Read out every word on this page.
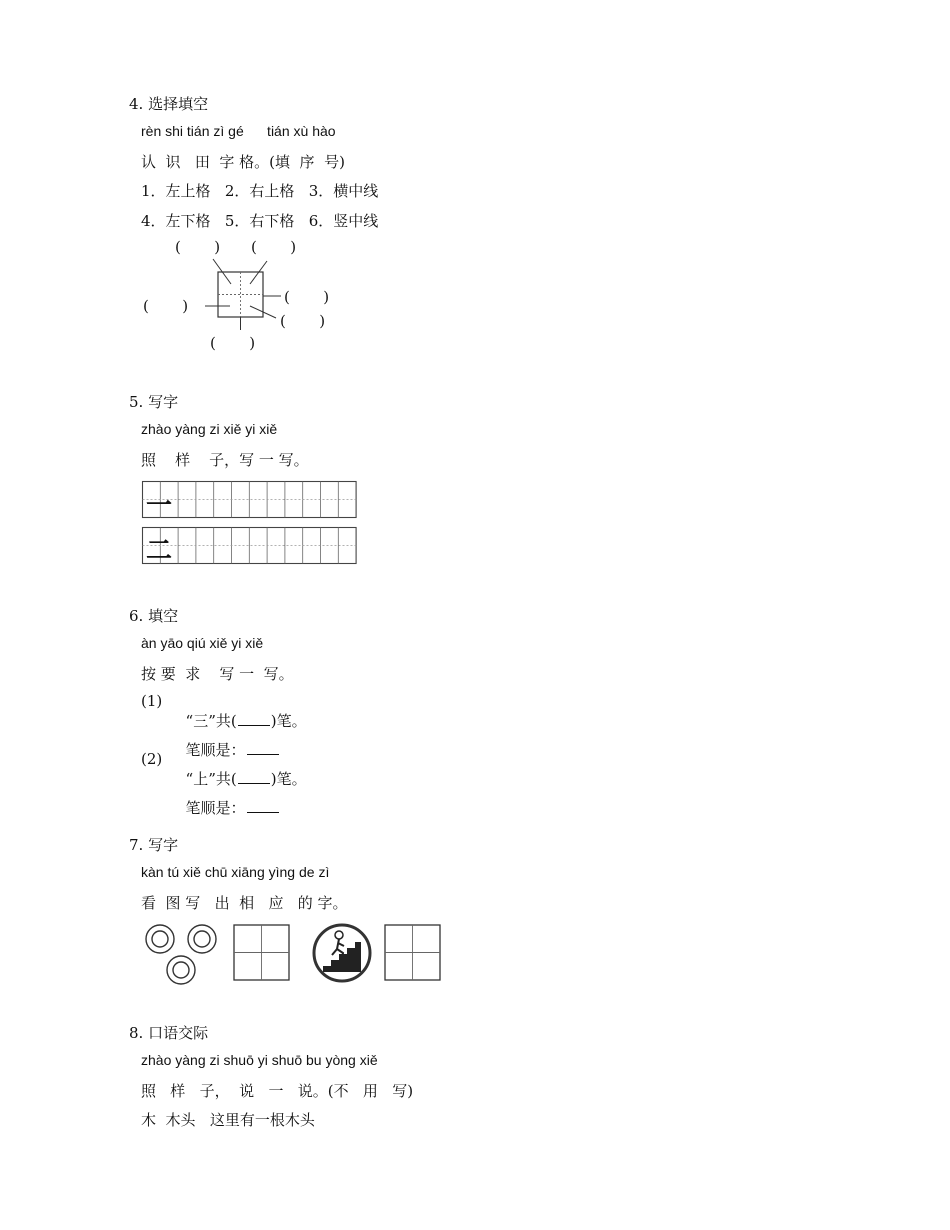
4. 选择填空
rèn shi tián zì gé      tián xù hào
认  识   田  字 格。(填  序  号)
1．左上格   2．右上格   3．横中线
4．左下格   5．右下格   6．竖中线
(       ) (       )
(       )
(       )
(       )
(       )
5. 写字
zhào yàng zi xiě yi xiě
照    样    子，写 一 写。
一
二
6. 填空
àn yāo qiú xiě yi xiě
按 要  求    写 一  写。
(1)

“三”共( )笔。

笔顺是：

(2)

“上”共( )笔。

笔顺是：

7. 写字
kàn tú xiě chū xiāng yìng de zì
看  图 写   出  相   应   的 字。
8. 口语交际
zhào yàng zi shuō yi shuō bu yòng xiě
照   样   子，  说   一   说。(不   用   写)
木  木头   这里有一根木头
